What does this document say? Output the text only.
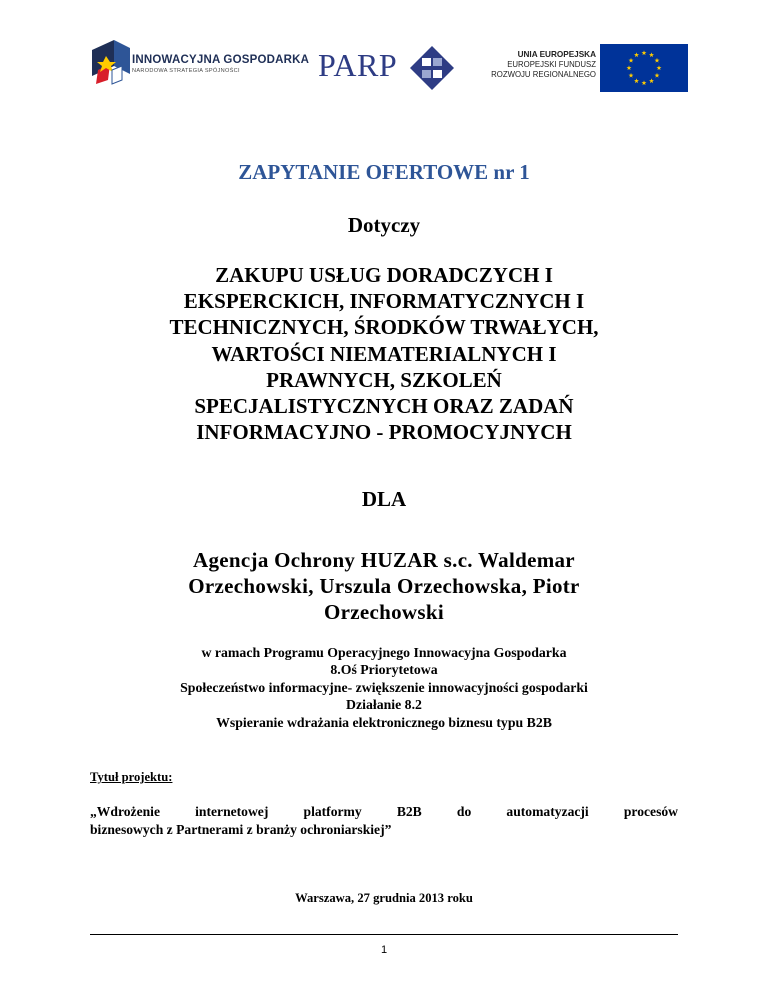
INNOWACYJNA GOSPODARKA
NARODOWA STRATEGIA SPÓJNOŚCI	PARP	UNIA EUROPEJSKA
EUROPEJSKI FUNDUSZ
ROZWOJU REGIONALNEGO
ZAPYTANIE OFERTOWE nr 1
Dotyczy
ZAKUPU USŁUG DORADCZYCH I
EKSPERCKICH, INFORMATYCZNYCH I
TECHNICZNYCH, ŚRODKÓW TRWAŁYCH,
WARTOŚCI NIEMATERIALNYCH I
PRAWNYCH, SZKOLEŃ
SPECJALISTYCZNYCH ORAZ ZADAŃ
INFORMACYJNO - PROMOCYJNYCH
DLA
Agencja Ochrony HUZAR s.c. Waldemar
Orzechowski, Urszula Orzechowska, Piotr
Orzechowski
w ramach Programu Operacyjnego Innowacyjna Gospodarka
8.Oś Priorytetowa
Społeczeństwo informacyjne- zwiększenie innowacyjności gospodarki
Działanie 8.2
Wspieranie wdrażania elektronicznego biznesu typu B2B
Tytuł projektu:
„Wdrożenie internetowej platformy B2B do automatyzacji procesów
biznesowych z Partnerami z branży ochroniarskiej”
Warszawa, 27 grudnia 2013 roku
1
